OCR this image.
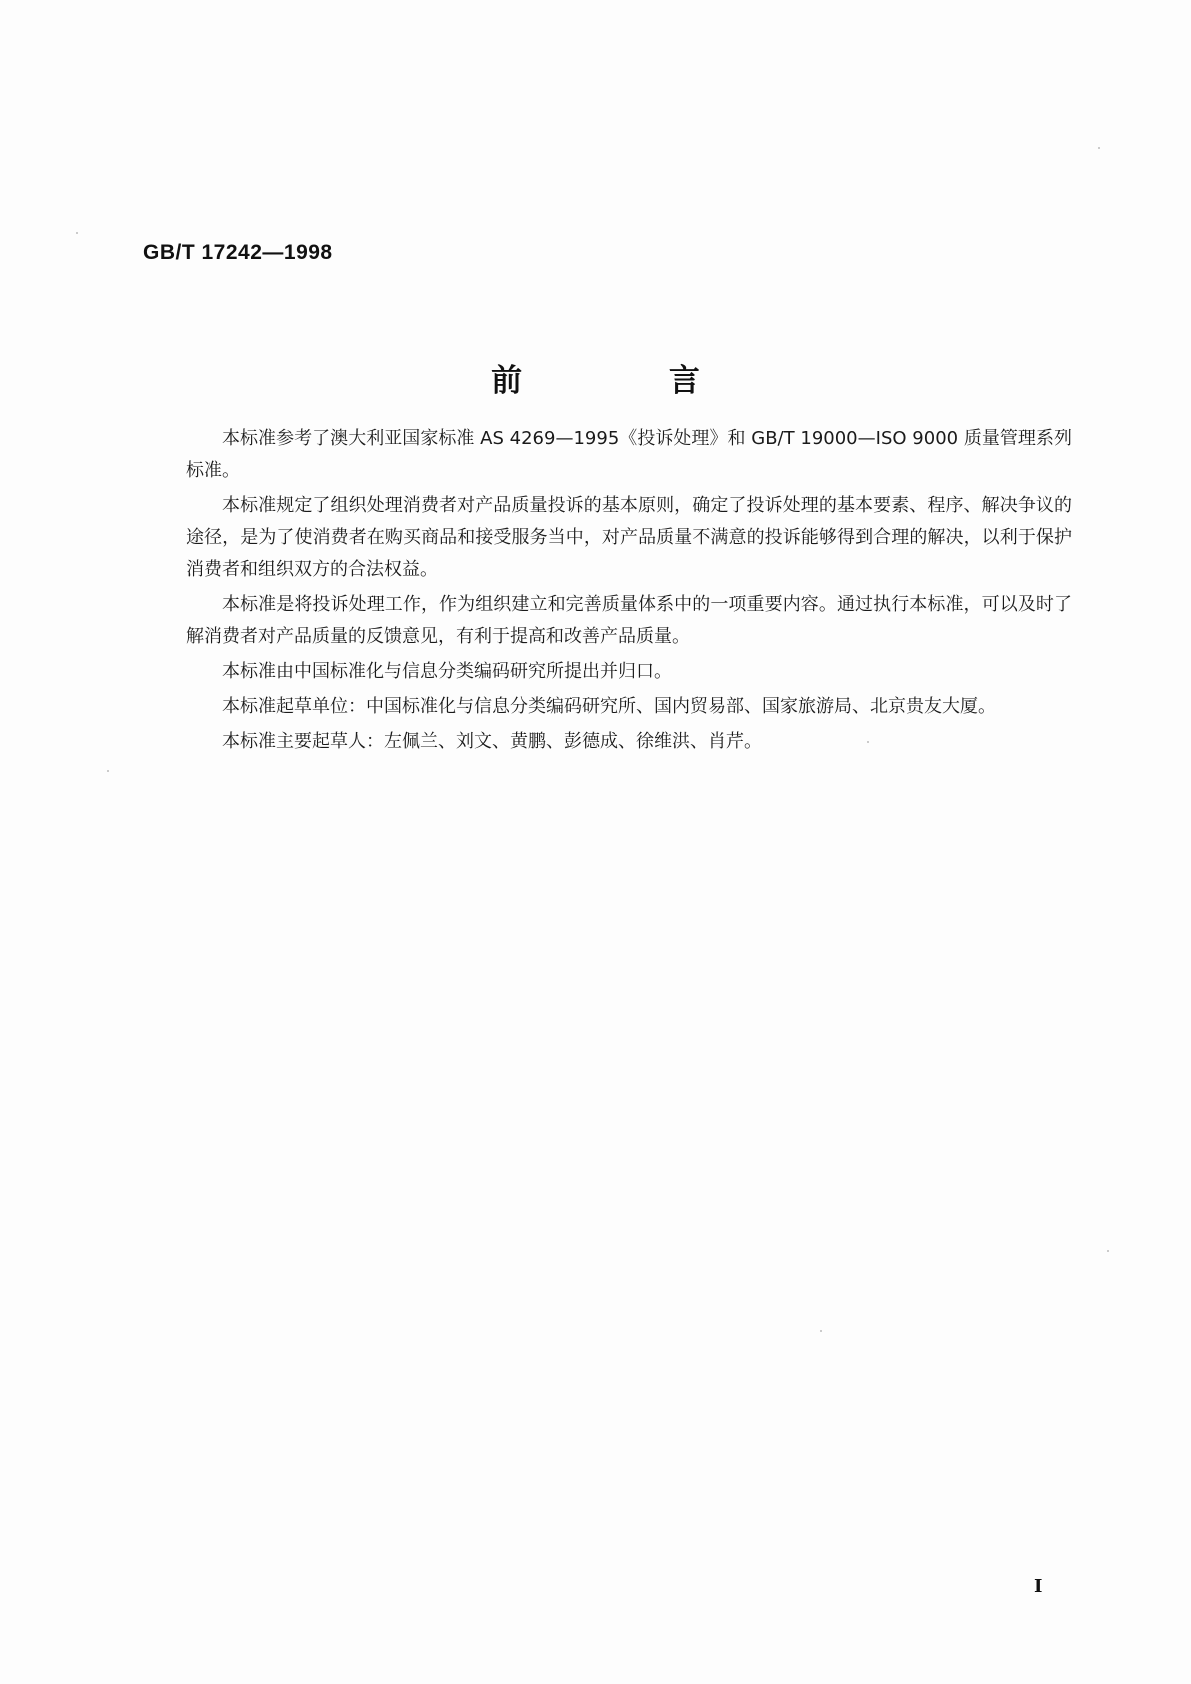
GB/T 17242—1998
前 言

本标准参考了澳大利亚国家标准 AS 4269—1995《投诉处理》和 GB/T 19000—ISO 9000 质量管理系列标准。

本标准规定了组织处理消费者对产品质量投诉的基本原则，确定了投诉处理的基本要素、程序、解决争议的途径，是为了使消费者在购买商品和接受服务当中，对产品质量不满意的投诉能够得到合理的解决，以利于保护消费者和组织双方的合法权益。

本标准是将投诉处理工作，作为组织建立和完善质量体系中的一项重要内容。通过执行本标准，可以及时了解消费者对产品质量的反馈意见，有利于提高和改善产品质量。

本标准由中国标准化与信息分类编码研究所提出并归口。

本标准起草单位：中国标准化与信息分类编码研究所、国内贸易部、国家旅游局、北京贵友大厦。

本标准主要起草人：左佩兰、刘文、黄鹏、彭德成、徐维洪、肖芹。

Ⅰ
